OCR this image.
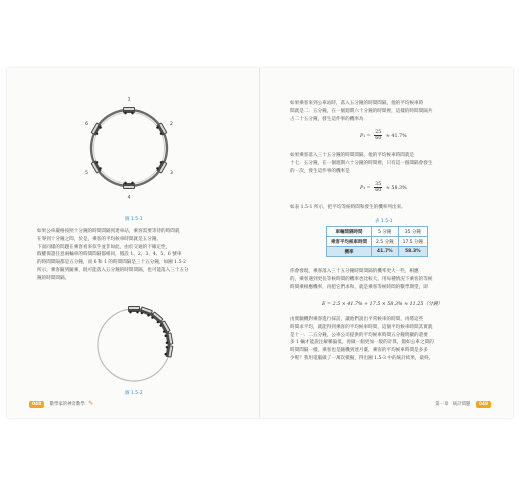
1
2
3
4
5
6
圖 1.5-1
如果公車嚴格按照十分鐘的時間間隔到達車站，乘客需要等待的時間就
在零到十分鐘之間，於是，乘客的平均候車時間就是五分鐘。
下面同樣的問題在乘客看來似乎並非如此，由於交通的不確定性，
假權保證任意兩輛車的時間間隔都相同，假設 1、2、3、4、5、6 號車
的時間間隔都是五分鐘，而 6 和 1 的時間間隔是三十五分鐘，如圖 1.5-2
所示，乘客隨到隨乘，既可能落入五分鐘的時間間隔，也可能落入三十五分
鐘的時間間隔。
圖 1.5-2
048 數學家的神奇數學 ✎
如果乘客來到公車站時，落入五分鐘的時間間隔，他的平均候車時
間就是二．五分鐘，在一個週期六十分鐘的時間裡，這樣的時間間隔共
占二十五分鐘，發生這件事的機率為
$P_1 = \frac{25}{60} \approx 41.7\%$
如果乘客落入三十五分鐘的時間間隔，他的平均候車時間就是
十七．五分鐘，在一個週期六十分鐘的時間裡，只有這一個間隔會發生
的一次，發生這件事的機率是
$P_2 = \frac{35}{60} \approx 58.3\%$
如表 1.5-1 所示，把平均等候時間和發生的機率列出來。
表 1.5-1
車輛間隔時間	5 分鐘	35 分鐘
乘客平均候車時間	2.5 分鐘	17.5 分鐘
機率	41.7%	58.3%
你會發現，乘客落入三十五分鐘時間間隔的機率更大一些，相應
的，乘客遇到更長等候時間的機率也比較大，用每種情況下乘客的等候
時間乘相應機率，再把它們求和，就是乘客等候時間的數學期望，即
E = 2.5 × 41.7% + 17.5 × 58.3% ≈ 11.25（分鐘）
由實驗機對乘客進行採訪，讓他們說出平常候車的時間，再將這些
時間求平均，就能得到乘客的平均候車時間，這個平均候車時間其實就
是十一．二五分鐘，公車公司提供的平均候車時間五分鐘明顯的還要
多 1 輛才能說注解稱偏低。再做一個更加一般的計算，假如公車之間的
時間間隔一樣，乘客也是隨機到達月臺，乘客的平均候車時間是多多
少呢？我用電腦做了一萬次模擬，得出圖 1.5-3 中的統計結果，最終，
第一章　統計問題 049
